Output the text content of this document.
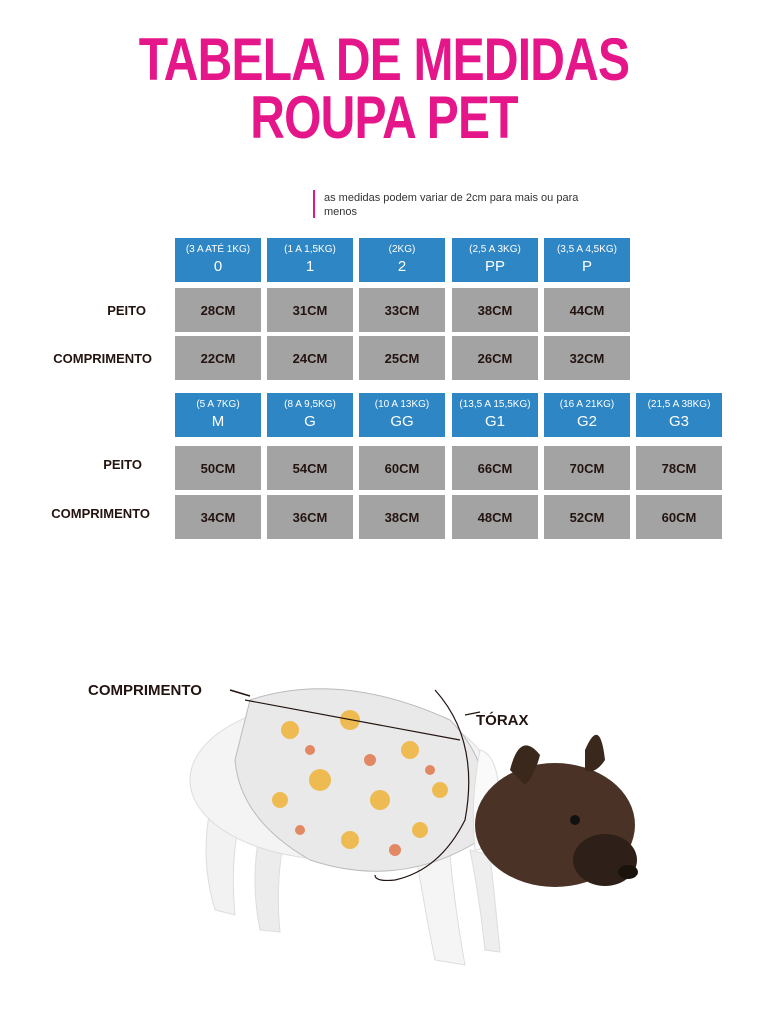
TABELA DE MEDIDAS
ROUPA PET
as medidas podem variar de 2cm para mais ou para menos
PEITO
COMPRIMENTO
PEITO
COMPRIMENTO
(3 A ATÉ 1KG)
0
28CM
22CM
(1 A 1,5KG)
1
31CM
24CM
(2KG)
2
33CM
25CM
(2,5 A 3KG)
PP
38CM
26CM
(3,5 A 4,5KG)
P
44CM
32CM
(5 A 7KG)
M
50CM
34CM
(8 A 9,5KG)
G
54CM
36CM
(10 A 13KG)
GG
60CM
38CM
(13,5 A 15,5KG)
G1
66CM
48CM
(16 A 21KG)
G2
70CM
52CM
(21,5 A 38KG)
G3
78CM
60CM
COMPRIMENTO
TÓRAX
